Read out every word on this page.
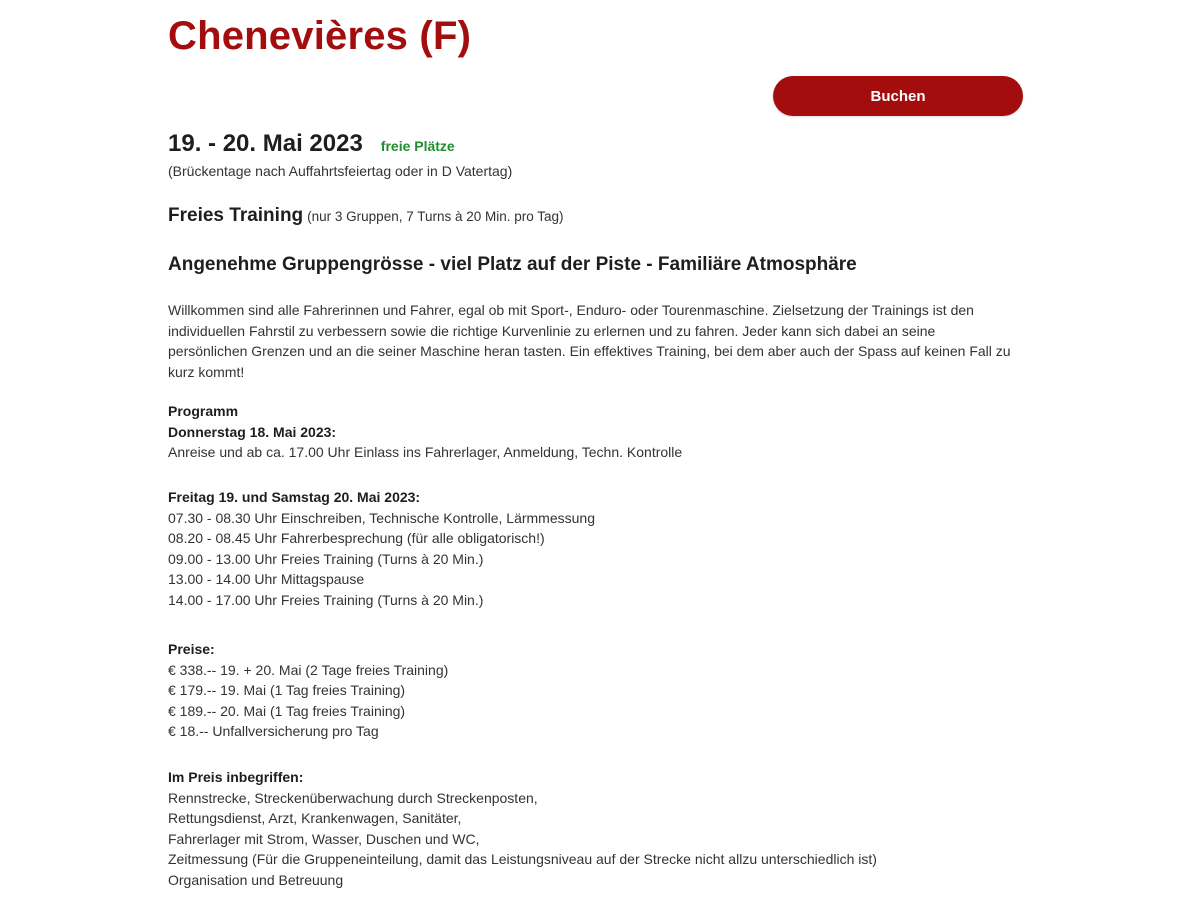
Chenevières (F)
Buchen
19. - 20. Mai 2023 freie Plätze
(Brückentage nach Auffahrtsfeiertag oder in D Vatertag)
Freies Training (nur 3 Gruppen, 7 Turns à 20 Min. pro Tag)
Angenehme Gruppengrösse - viel Platz auf der Piste - Familiäre Atmosphäre

Willkommen sind alle Fahrerinnen und Fahrer, egal ob mit Sport-, Enduro- oder Tourenmaschine. Zielsetzung der Trainings ist den individuellen Fahrstil zu verbessern sowie die richtige Kurvenlinie zu erlernen und zu fahren. Jeder kann sich dabei an seine persönlichen Grenzen und an die seiner Maschine heran tasten. Ein effektives Training, bei dem aber auch der Spass auf keinen Fall zu kurz kommt!

Programm
Donnerstag 18. Mai 2023:
Anreise und ab ca. 17.00 Uhr Einlass ins Fahrerlager, Anmeldung, Techn. Kontrolle
Freitag 19. und Samstag 20. Mai 2023:
07.30 - 08.30 Uhr Einschreiben, Technische Kontrolle, Lärmmessung
08.20 - 08.45 Uhr Fahrerbesprechung (für alle obligatorisch!)
09.00 - 13.00 Uhr Freies Training (Turns à 20 Min.)
13.00 - 14.00 Uhr Mittagspause
14.00 - 17.00 Uhr Freies Training (Turns à 20 Min.)
Preise:
€ 338.-- 19. + 20. Mai (2 Tage freies Training)
€ 179.-- 19. Mai (1 Tag freies Training)
€ 189.-- 20. Mai (1 Tag freies Training)
€ 18.-- Unfallversicherung pro Tag
Im Preis inbegriffen:
Rennstrecke, Streckenüberwachung durch Streckenposten,
Rettungsdienst, Arzt, Krankenwagen, Sanitäter,
Fahrerlager mit Strom, Wasser, Duschen und WC,
Zeitmessung (Für die Gruppeneinteilung, damit das Leistungsniveau auf der Strecke nicht allzu unterschiedlich ist)
Organisation und Betreuung
